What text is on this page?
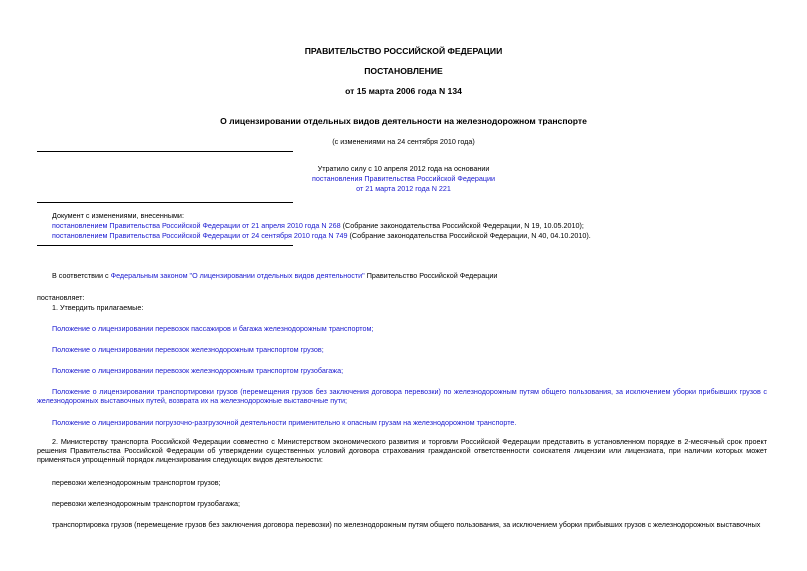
ПРАВИТЕЛЬСТВО РОССИЙСКОЙ ФЕДЕРАЦИИ
ПОСТАНОВЛЕНИЕ
от 15 марта 2006 года N 134
О лицензировании отдельных видов деятельности на железнодорожном транспорте
(с изменениями на 24 сентября 2010 года)
Утратило силу с 10 апреля 2012 года на основании
постановления Правительства Российской Федерации
от 21 марта 2012 года N 221
Документ с изменениями, внесенными:
постановлением Правительства Российской Федерации от 21 апреля 2010 года N 268 (Собрание законодательства Российской Федерации, N 19, 10.05.2010);
постановлением Правительства Российской Федерации от 24 сентября 2010 года N 749 (Собрание законодательства Российской Федерации, N 40, 04.10.2010).
В соответствии с Федеральным законом "О лицензировании отдельных видов деятельности" Правительство Российской Федерации
постановляет:
1. Утвердить прилагаемые:
Положение о лицензировании перевозок пассажиров и багажа железнодорожным транспортом;
Положение о лицензировании перевозок железнодорожным транспортом грузов;
Положение о лицензировании перевозок железнодорожным транспортом грузобагажа;
Положение о лицензировании транспортировки грузов (перемещения грузов без заключения договора перевозки) по железнодорожным путям общего пользования, за исключением уборки прибывших грузов с железнодорожных выставочных путей, возврата их на железнодорожные выставочные пути;
Положение о лицензировании погрузочно-разгрузочной деятельности применительно к опасным грузам на железнодорожном транспорте.
2. Министерству транспорта Российской Федерации совместно с Министерством экономического развития и торговли Российской Федерации представить в установленном порядке в 2-месячный срок проект решения Правительства Российской Федерации об утверждении существенных условий договора страхования гражданской ответственности соискателя лицензии или лицензиата, при наличии которых может применяться упрощенный порядок лицензирования следующих видов деятельности:
перевозки железнодорожным транспортом грузов;
перевозки железнодорожным транспортом грузобагажа;
транспортировка грузов (перемещение грузов без заключения договора перевозки) по железнодорожным путям общего пользования, за исключением уборки прибывших грузов с железнодорожных выставочных
